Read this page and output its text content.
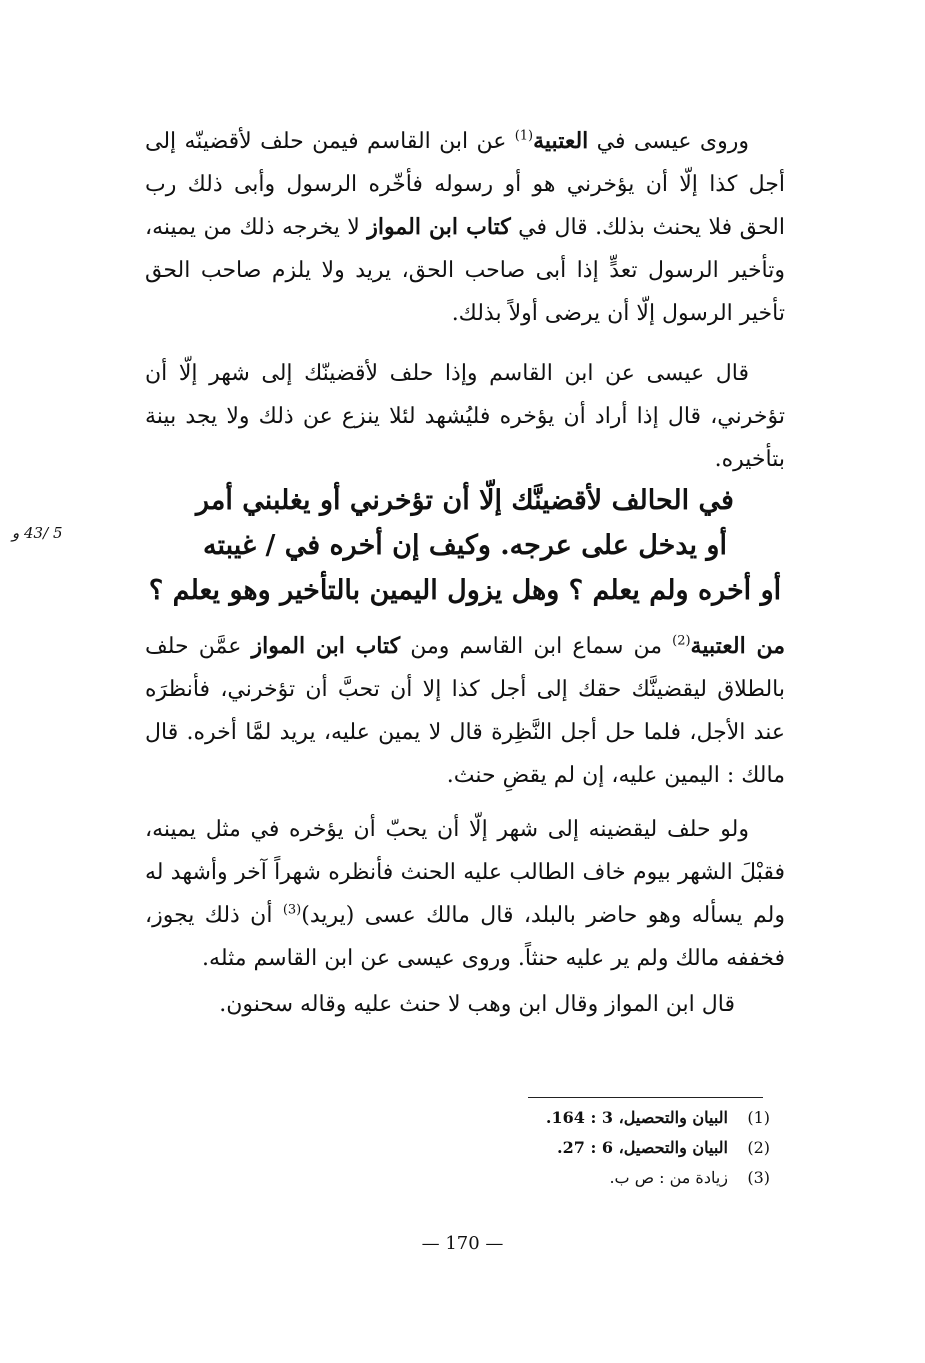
وروى عيسى في العتبية$^{(1)}$ عن ابن القاسم فيمن حلف لأقضينّه إلى أجل كذا إلّا أن يؤخرني هو أو رسوله فأخّره الرسول وأبى ذلك رب الحق فلا يحنث بذلك. قال في كتاب ابن المواز لا يخرجه ذلك من يمينه، وتأخير الرسول تعدٍّ إذا أبى صاحب الحق، يريد ولا يلزم صاحب الحق تأخير الرسول إلّا أن يرضى أولاً بذلك.
قال عيسى عن ابن القاسم وإذا حلف لأقضينّك إلى شهر إلّا أن تؤخرني، قال إذا أراد أن يؤخره فليُشهد لئلا ينزع عن ذلك ولا يجد بينة بتأخيره.
في الحالف لأقضينَّك إلّا أن تؤخرني أو يغلبني أمر
أو يدخل على عرجه. وكيف إن أخره في / غيبته
أو أخره ولم يعلم ؟ وهل يزول اليمين بالتأخير وهو يعلم ؟
5 /43 و
من العتبية$^{(2)}$ من سماع ابن القاسم ومن كتاب ابن المواز عمَّن حلف بالطلاق ليقضينَّك حقك إلى أجل كذا إلا أن تحبَّ أن تؤخرني، فأنظرَه عند الأجل، فلما حل أجل النَّظِرة قال لا يمين عليه، يريد لمَّا أخره. قال مالك : اليمين عليه، إن لم يقضِ حنث.
ولو حلف ليقضينه إلى شهر إلّا أن يحبّ أن يؤخره في مثل يمينه، فقبْلَ الشهر بيوم خاف الطالب عليه الحنث فأنظره شهراً آخر وأشهد له ولم يسأله وهو حاضر بالبلد، قال مالك عسى (يريد)$^{(3)}$ أن ذلك يجوز، فخففه مالك ولم ير عليه حنثاً. وروى عيسى عن ابن القاسم مثله.
قال ابن المواز وقال ابن وهب لا حنث عليه وقاله سحنون.
(1)
البيان والتحصيل، 3 : 164.
(2)
البيان والتحصيل، 6 : 27.
(3)
زيادة من : ص ب.
— 170 —
